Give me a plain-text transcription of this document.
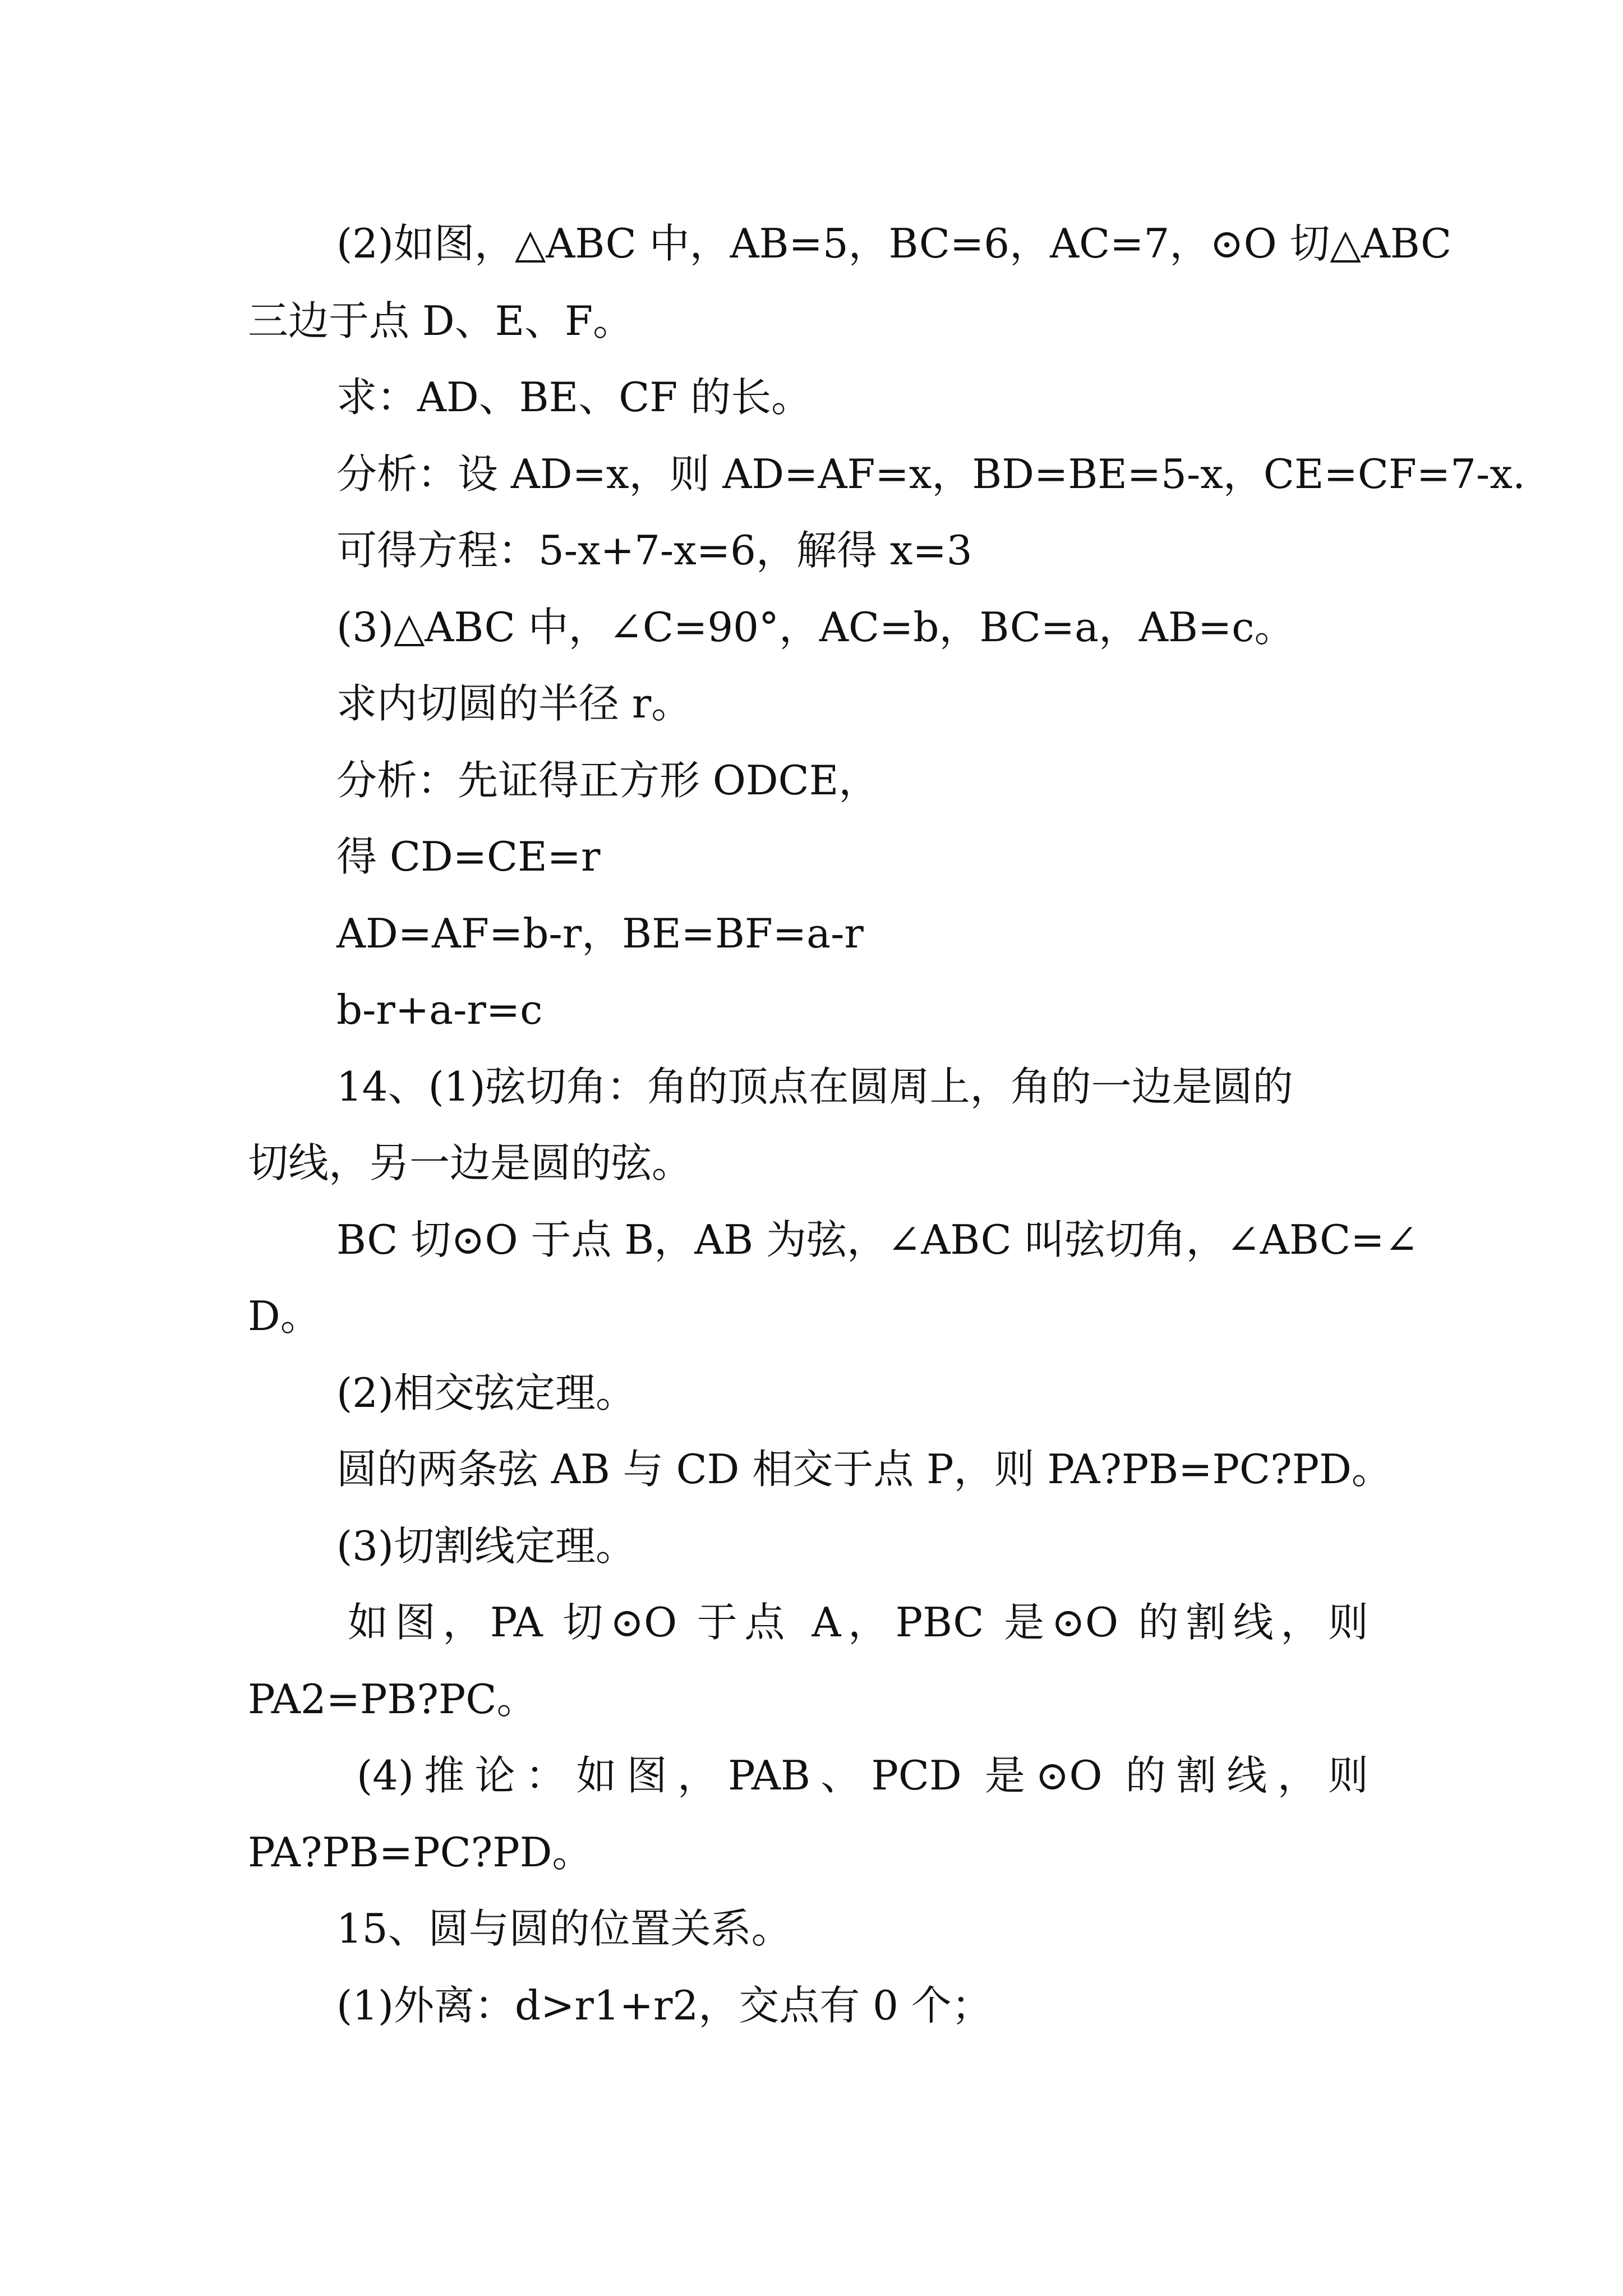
(2)如图，△ABC 中，AB=5，BC=6，AC=7，⊙O 切△ABC

三边于点 D、E、F。

求：AD、BE、CF 的长。

分析：设 AD=x，则 AD=AF=x，BD=BE=5-x，CE=CF=7-x.

可得方程：5-x+7-x=6，解得 x=3

(3)△ABC 中，∠C=90°，AC=b，BC=a，AB=c。

求内切圆的半径 r。

分析：先证得正方形 ODCE，

得 CD=CE=r

AD=AF=b-r，BE=BF=a-r

b-r+a-r=c

14、(1)弦切角：角的顶点在圆周上，角的一边是圆的

切线，另一边是圆的弦。

BC 切⊙O 于点 B，AB 为弦，∠ABC 叫弦切角，∠ABC=∠

D。

(2)相交弦定理。

圆的两条弦 AB 与 CD 相交于点 P，则 PA?PB=PC?PD。

(3)切割线定理。

如图，PA 切⊙O 于点 A，PBC 是⊙O 的割线，则

PA2=PB?PC。

(4)推论：如图，PAB、PCD 是⊙O 的割线，则

PA?PB=PC?PD。

15、圆与圆的位置关系。

(1)外离：d>r1+r2，交点有 0 个；
